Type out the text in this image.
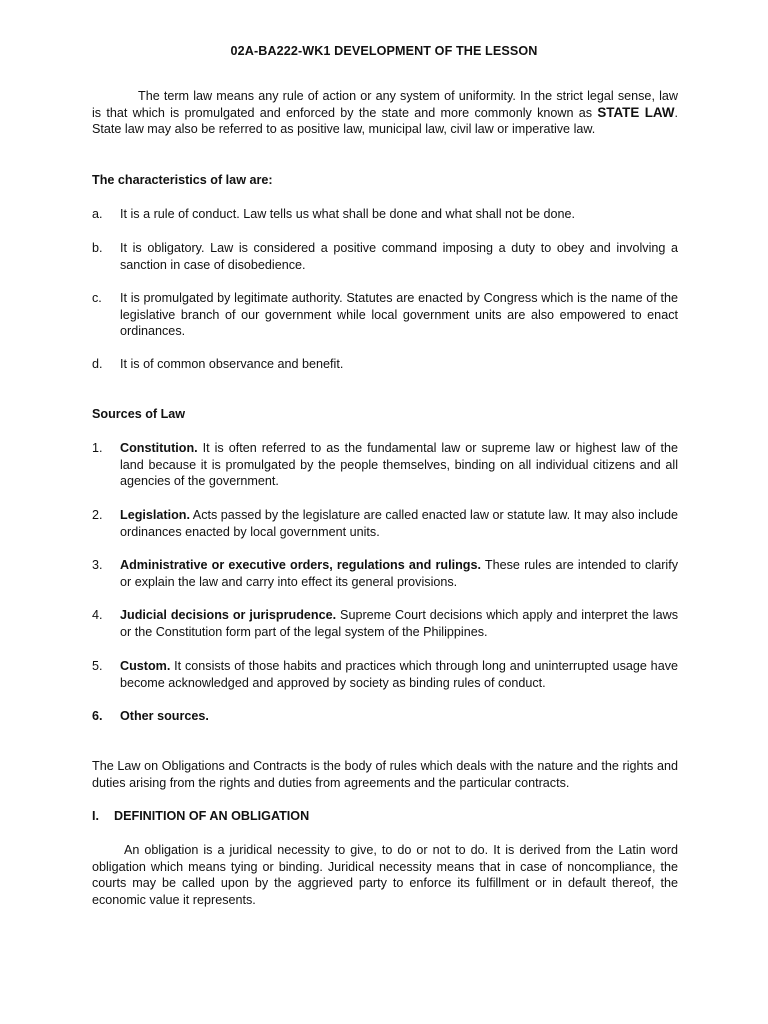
02A-BA222-WK1 DEVELOPMENT OF THE LESSON
The term law means any rule of action or any system of uniformity. In the strict legal sense, law is that which is promulgated and enforced by the state and more commonly known as STATE LAW. State law may also be referred to as positive law, municipal law, civil law or imperative law.
The characteristics of law are:
a.	It is a rule of conduct. Law tells us what shall be done and what shall not be done.
b.	It is obligatory. Law is considered a positive command imposing a duty to obey and involving a sanction in case of disobedience.
c.	It is promulgated by legitimate authority. Statutes are enacted by Congress which is the name of the legislative branch of our government while local government units are also empowered to enact ordinances.
d.	It is of common observance and benefit.
Sources of Law
1.	Constitution. It is often referred to as the fundamental law or supreme law or highest law of the land because it is promulgated by the people themselves, binding on all individual citizens and all agencies of the government.
2.	Legislation. Acts passed by the legislature are called enacted law or statute law. It may also include ordinances enacted by local government units.
3.	Administrative or executive orders, regulations and rulings. These rules are intended to clarify or explain the law and carry into effect its general provisions.
4.	Judicial decisions or jurisprudence. Supreme Court decisions which apply and interpret the laws or the Constitution form part of the legal system of the Philippines.
5.	Custom. It consists of those habits and practices which through long and uninterrupted usage have become acknowledged and approved by society as binding rules of conduct.
6.	Other sources.
The Law on Obligations and Contracts is the body of rules which deals with the nature and the rights and duties arising from the rights and duties from agreements and the particular contracts.
I. DEFINITION OF AN OBLIGATION
An obligation is a juridical necessity to give, to do or not to do. It is derived from the Latin word obligation which means tying or binding. Juridical necessity means that in case of noncompliance, the courts may be called upon by the aggrieved party to enforce its fulfillment or in default thereof, the economic value it represents.
